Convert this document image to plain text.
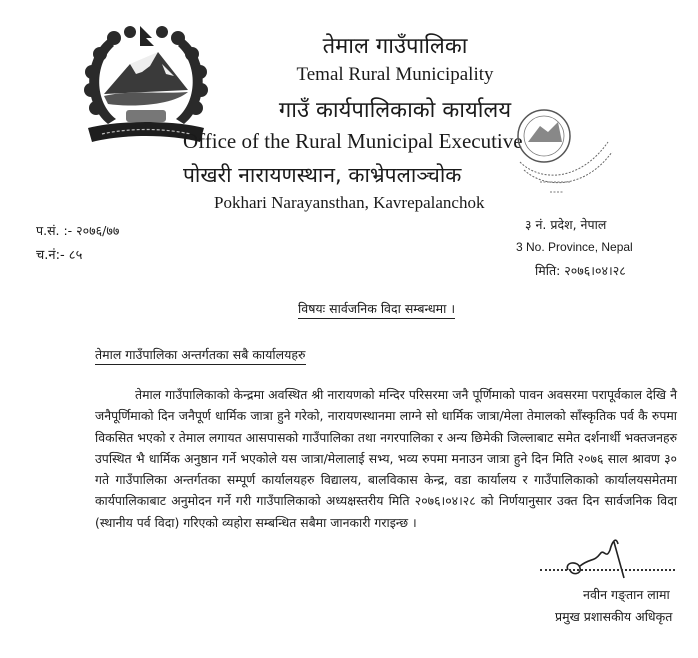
तेमाल गाउँपालिका
Temal Rural Municipality
गाउँ कार्यपालिकाको कार्यालय
Office of the Rural Municipal Executive
पोखरी नारायणस्थान, काभ्रेपलाञ्चोक
Pokhari Narayansthan, Kavrepalanchok
प.सं. :- २०७६/७७
च.नं:- ८५
३ नं. प्रदेश, नेपाल
3 No. Province, Nepal
मिति: २०७६।०४।२८
विषयः सार्वजनिक विदा सम्बन्धमा ।
तेमाल गाउँपालिका अन्तर्गतका सबै कार्यालयहरु
तेमाल गाउँपालिकाको केन्द्रमा अवस्थित श्री नारायणको मन्दिर परिसरमा जनै पूर्णिमाको पावन अवसरमा परापूर्वकाल देखि नै जनैपूर्णिमाको दिन जनैपूर्ण धार्मिक जात्रा हुने गरेको, नारायणस्थानमा लाग्ने सो धार्मिक जात्रा/मेला तेमालको साँस्कृतिक पर्व कै रुपमा विकसित भएको र तेमाल लगायत आसपासको गाउँपालिका तथा नगरपालिका र अन्य छिमेकी जिल्लाबाट समेत दर्शनार्थी भक्तजनहरु उपस्थित भै धार्मिक अनुष्ठान गर्ने भएकोले यस जात्रा/मेलालाई सभ्य, भव्य रुपमा मनाउन जात्रा हुने दिन मिति २०७६ साल श्रावण ३० गते गाउँपालिका अन्तर्गतका सम्पूर्ण कार्यालयहरु विद्यालय, बालविकास केन्द्र, वडा कार्यालय र गाउँपालिकाको कार्यालयसमेतमा कार्यपालिकाबाट अनुमोदन गर्ने गरी गाउँपालिकाको अध्यक्षस्तरीय मिति २०७६।०४।२८ को निर्णयानुसार उक्त दिन सार्वजनिक विदा (स्थानीय पर्व विदा) गरिएको व्यहोरा सम्बन्धित सबैमा जानकारी गराइन्छ ।
नवीन गङ्तान लामा
प्रमुख प्रशासकीय अधिकृत
